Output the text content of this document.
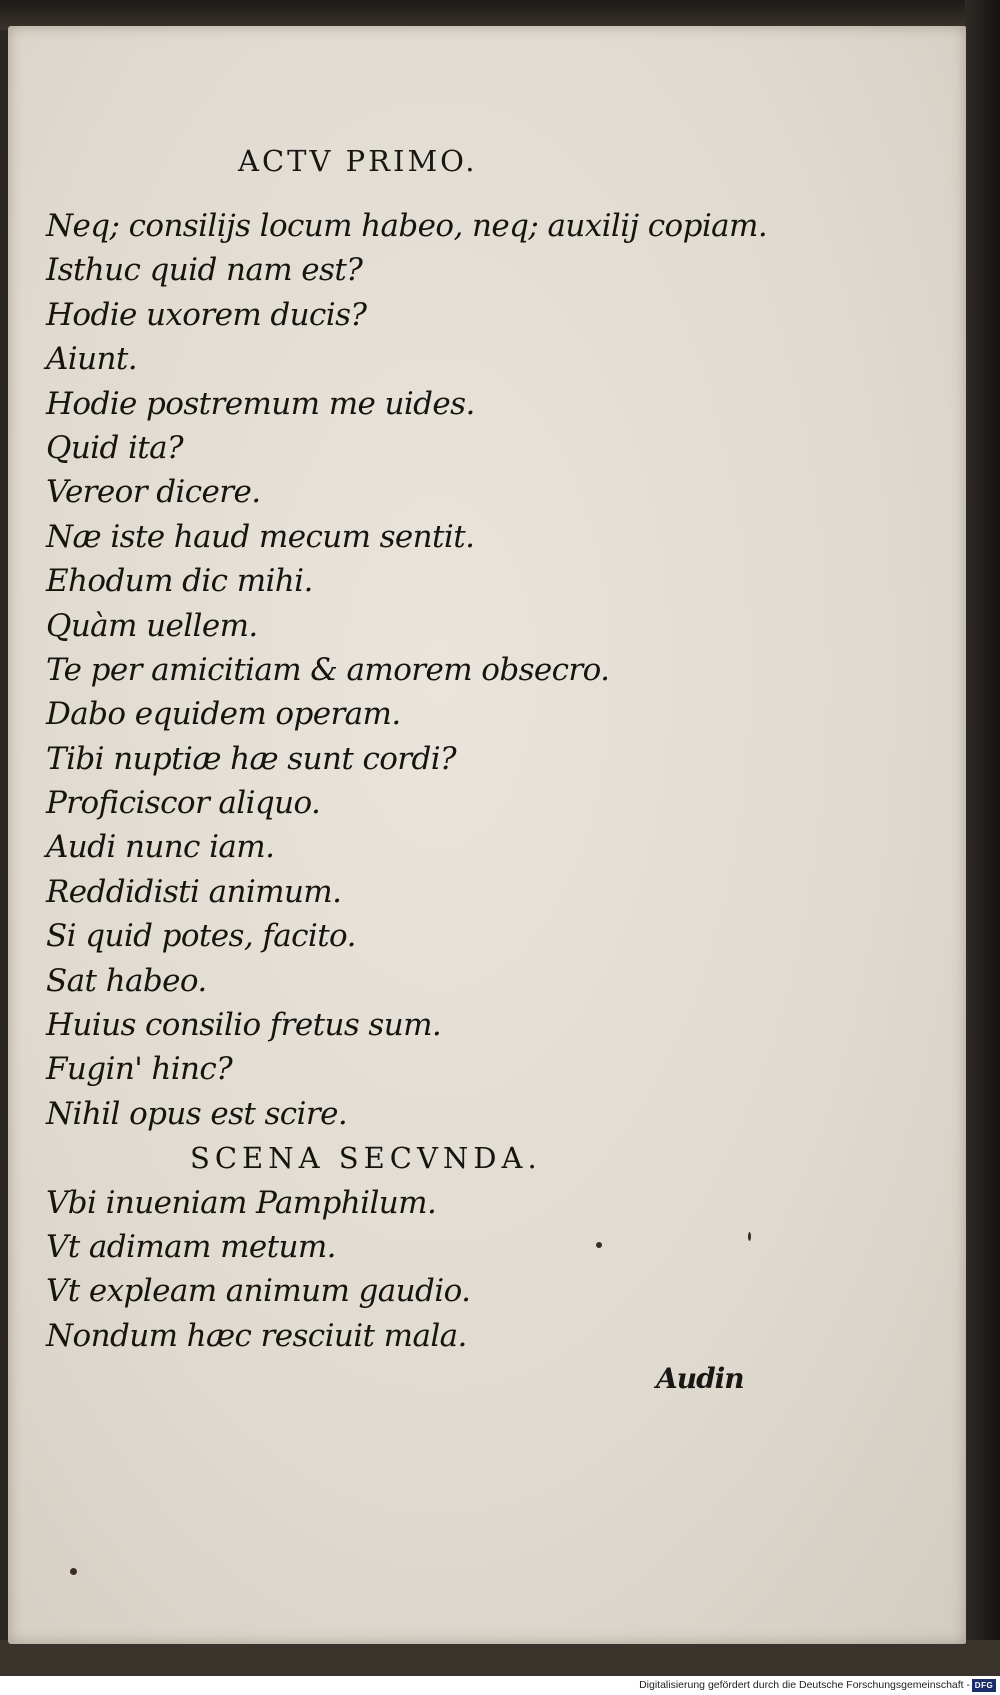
ACTV PRIMO.
Neq; consilijs locum habeo, neq; auxilij copiam.
Isthuc quid nam est?
Hodie uxorem ducis?
Aiunt.
Hodie postremum me uides.
Quid ita?
Vereor dicere.
Næ iste haud mecum sentit.
Ehodum dic mihi.
Quàm uellem.
Te per amicitiam & amorem obsecro.
Dabo equidem operam.
Tibi nuptiæ hæ sunt cordi?
Proficiscor aliquo.
Audi nunc iam.
Reddidisti animum.
Si quid potes, facito.
Sat habeo.
Huius consilio fretus sum.
Fugin' hinc?
Nihil opus est scire.
SCENA SECVNDA.
Vbi inueniam Pamphilum.
Vt adimam metum.
Vt expleam animum gaudio.
Nondum hæc resciuit mala.
Audin
Digitalisierung gefördert durch die Deutsche Forschungsgemeinschaft - DFG
